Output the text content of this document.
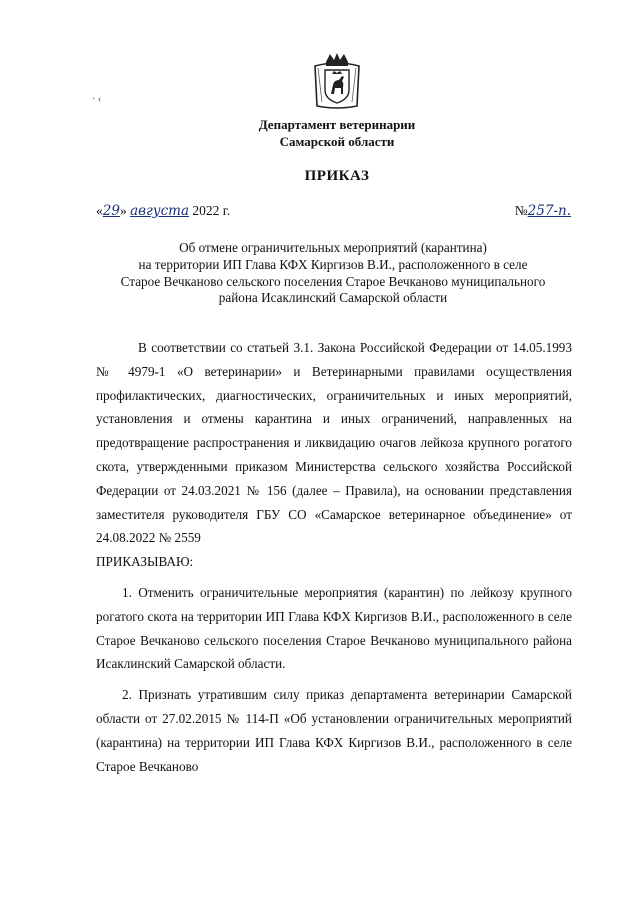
Департамент ветеринарии
Самарской области
ПРИКАЗ
«29» августа 2022 г.	№257-п.
Об отмене ограничительных мероприятий (карантина)
на территории ИП Глава КФХ Киргизов В.И., расположенного в селе
Старое Вечканово сельского поселения Старое Вечканово муниципального
района Исаклинский Самарской области

В соответствии со статьей 3.1. Закона Российской Федерации от 14.05.1993 № 4979-1 «О ветеринарии» и Ветеринарными правилами осуществления профилактических, диагностических, ограничительных и иных мероприятий, установления и отмены карантина и иных ограничений, направленных на предотвращение распространения и ликвидацию очагов лейкоза крупного рогатого скота, утвержденными приказом Министерства сельского хозяйства Российской Федерации от 24.03.2021 № 156 (далее – Правила), на основании представления заместителя руководителя ГБУ СО «Самарское ветеринарное объединение» от 24.08.2022 № 2559

ПРИКАЗЫВАЮ:

1. Отменить ограничительные мероприятия (карантин) по лейкозу крупного рогатого скота на территории ИП Глава КФХ Киргизов В.И., расположенного в селе Старое Вечканово сельского поселения Старое Вечканово муниципального района Исаклинский Самарской области.

2. Признать утратившим силу приказ департамента ветеринарии Самарской области от 27.02.2015 № 114-П «Об установлении ограничительных мероприятий (карантина) на территории ИП Глава КФХ Киргизов В.И., расположенного в селе Старое Вечканово

· ‹
